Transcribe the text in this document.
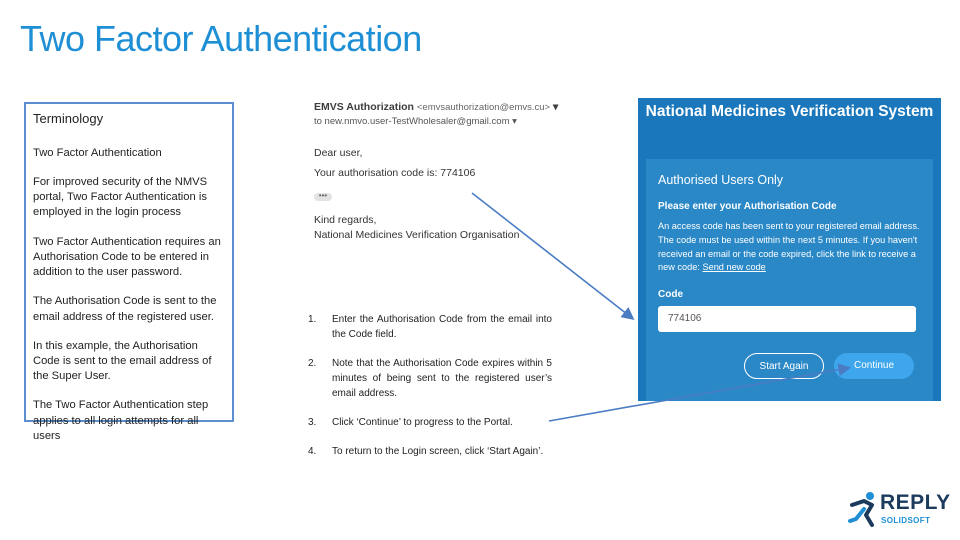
Two Factor Authentication
Terminology

Two Factor Authentication

For improved security of the NMVS portal, Two Factor Authentication is employed in the login process

Two Factor Authentication requires an Authorisation Code to be entered in addition to the user password.

The Authorisation Code is sent to the email address of the registered user.

In this example, the Authorisation Code is sent to the email address of the Super User.

The Two Factor Authentication step applies to all login attempts for all users

EMVS Authorization <emvsauthorization@emvs.cu> ▾
to new.nmvo.user-TestWholesaler@gmail.com ▾
Dear user,
Your authorisation code is: 774106
•••
Kind regards,
National Medicines Verification Organisation
National Medicines Verification System
Authorised Users Only
Please enter your Authorisation Code
An access code has been sent to your registered email address. The code must be used within the next 5 minutes. If you haven't received an email or the code expired, click the link to receive a new code: Send new code
Code
774106
Start Again	Continue
1. Enter the Authorisation Code from the email into the Code field.
2. Note that the Authorisation Code expires within 5 minutes of being sent to the registered user’s email address.
3. Click ‘Continue’ to progress to the Portal.
4. To return to the Login screen, click ‘Start Again’.
REPLY
SOLIDSOFT
